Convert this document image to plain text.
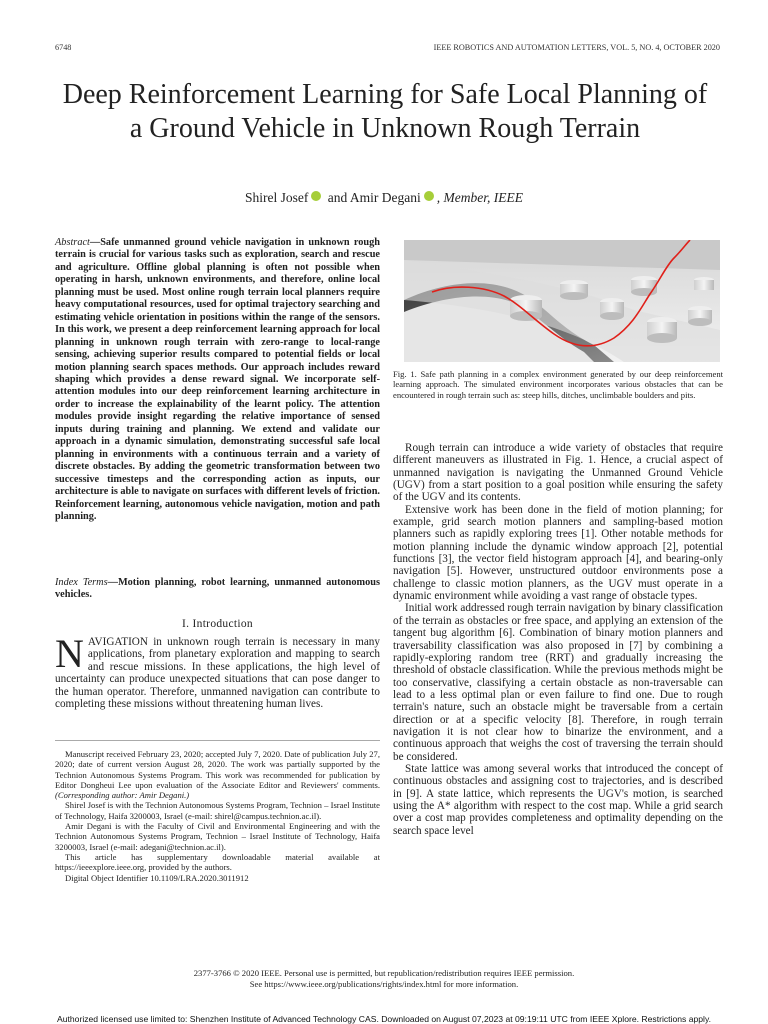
6748	IEEE ROBOTICS AND AUTOMATION LETTERS, VOL. 5, NO. 4, OCTOBER 2020
Deep Reinforcement Learning for Safe Local Planning of a Ground Vehicle in Unknown Rough Terrain
Shirel Josef and Amir Degani , Member, IEEE
Abstract—Safe unmanned ground vehicle navigation in unknown rough terrain is crucial for various tasks such as exploration, search and rescue and agriculture. Offline global planning is often not possible when operating in harsh, unknown environments, and therefore, online local planning must be used. Most online rough terrain local planners require heavy computational resources, used for optimal trajectory searching and estimating vehicle orientation in positions within the range of the sensors. In this work, we present a deep reinforcement learning approach for local planning in unknown rough terrain with zero-range to local-range sensing, achieving superior results compared to potential fields or local motion planning search spaces methods. Our approach includes reward shaping which provides a dense reward signal. We incorporate self-attention modules into our deep reinforcement learning architecture in order to increase the explainability of the learnt policy. The attention modules provide insight regarding the relative importance of sensed inputs during training and planning. We extend and validate our approach in a dynamic simulation, demonstrating successful safe local planning in environments with a continuous terrain and a variety of discrete obstacles. By adding the geometric transformation between two successive timesteps and the corresponding action as inputs, our architecture is able to navigate on surfaces with different levels of friction. Reinforcement learning, autonomous vehicle navigation, motion and path planning.
Index Terms—Motion planning, robot learning, unmanned autonomous vehicles.
I. Introduction
NAVIGATION in unknown rough terrain is necessary in many applications, from planetary exploration and mapping to search and rescue missions. In these applications, the high level of uncertainty can produce unexpected situations that can pose danger to the human operator. Therefore, unmanned navigation can contribute to completing these missions without threatening human lives.

Manuscript received February 23, 2020; accepted July 7, 2020. Date of publication July 27, 2020; date of current version August 28, 2020. The work was partially supported by the Technion Autonomous Systems Program. This work was recommended for publication by Editor Dongheui Lee upon evaluation of the Associate Editor and Reviewers' comments. (Corresponding author: Amir Degani.)

Shirel Josef is with the Technion Autonomous Systems Program, Technion – Israel Institute of Technology, Haifa 3200003, Israel (e-mail: shirel@campus.technion.ac.il).

Amir Degani is with the Faculty of Civil and Environmental Engineering and with the Technion Autonomous Systems Program, Technion – Israel Institute of Technology, Haifa 3200003, Israel (e-mail: adegani@technion.ac.il).

This article has supplementary downloadable material available at https://ieeexplore.ieee.org, provided by the authors.

Digital Object Identifier 10.1109/LRA.2020.3011912

Fig. 1. Safe path planning in a complex environment generated by our deep reinforcement learning approach. The simulated environment incorporates various obstacles that can be encountered in rough terrain such as: steep hills, ditches, unclimbable boulders and pits.

Rough terrain can introduce a wide variety of obstacles that require different maneuvers as illustrated in Fig. 1. Hence, a crucial aspect of unmanned navigation is navigating the Unmanned Ground Vehicle (UGV) from a start position to a goal position while ensuring the safety of the UGV and its contents.

Extensive work has been done in the field of motion planning; for example, grid search motion planners and sampling-based motion planners such as rapidly exploring trees [1]. Other notable methods for motion planning include the dynamic window approach [2], potential functions [3], the vector field histogram approach [4], and bearing-only navigation [5]. However, unstructured outdoor environments pose a challenge to classic motion planners, as the UGV must operate in a dynamic environment while avoiding a vast range of obstacle types.

Initial work addressed rough terrain navigation by binary classification of the terrain as obstacles or free space, and applying an extension of the tangent bug algorithm [6]. Combination of binary motion planners and traversability classification was also proposed in [7] by combining a rapidly-exploring random tree (RRT) and gradually increasing the threshold of obstacle classification. While the previous methods might be too conservative, classifying a certain obstacle as non-traversable can lead to a less optimal plan or even failure to find one. Due to rough terrain's nature, such an obstacle might be traversable from a certain direction or at a specific velocity [8]. Therefore, in rough terrain navigation it is not clear how to binarize the environment, and a continuous approach that weighs the cost of traversing the terrain should be considered.

State lattice was among several works that introduced the concept of continuous obstacles and assigning cost to trajectories, and is described in [9]. A state lattice, which represents the UGV's motion, is searched using the A* algorithm with respect to the cost map. While a grid search over a cost map provides completeness and optimality depending on the search space level

2377-3766 © 2020 IEEE. Personal use is permitted, but republication/redistribution requires IEEE permission.
See https://www.ieee.org/publications/rights/index.html for more information.
Authorized licensed use limited to: Shenzhen Institute of Advanced Technology CAS. Downloaded on August 07,2023 at 09:19:11 UTC from IEEE Xplore. Restrictions apply.
